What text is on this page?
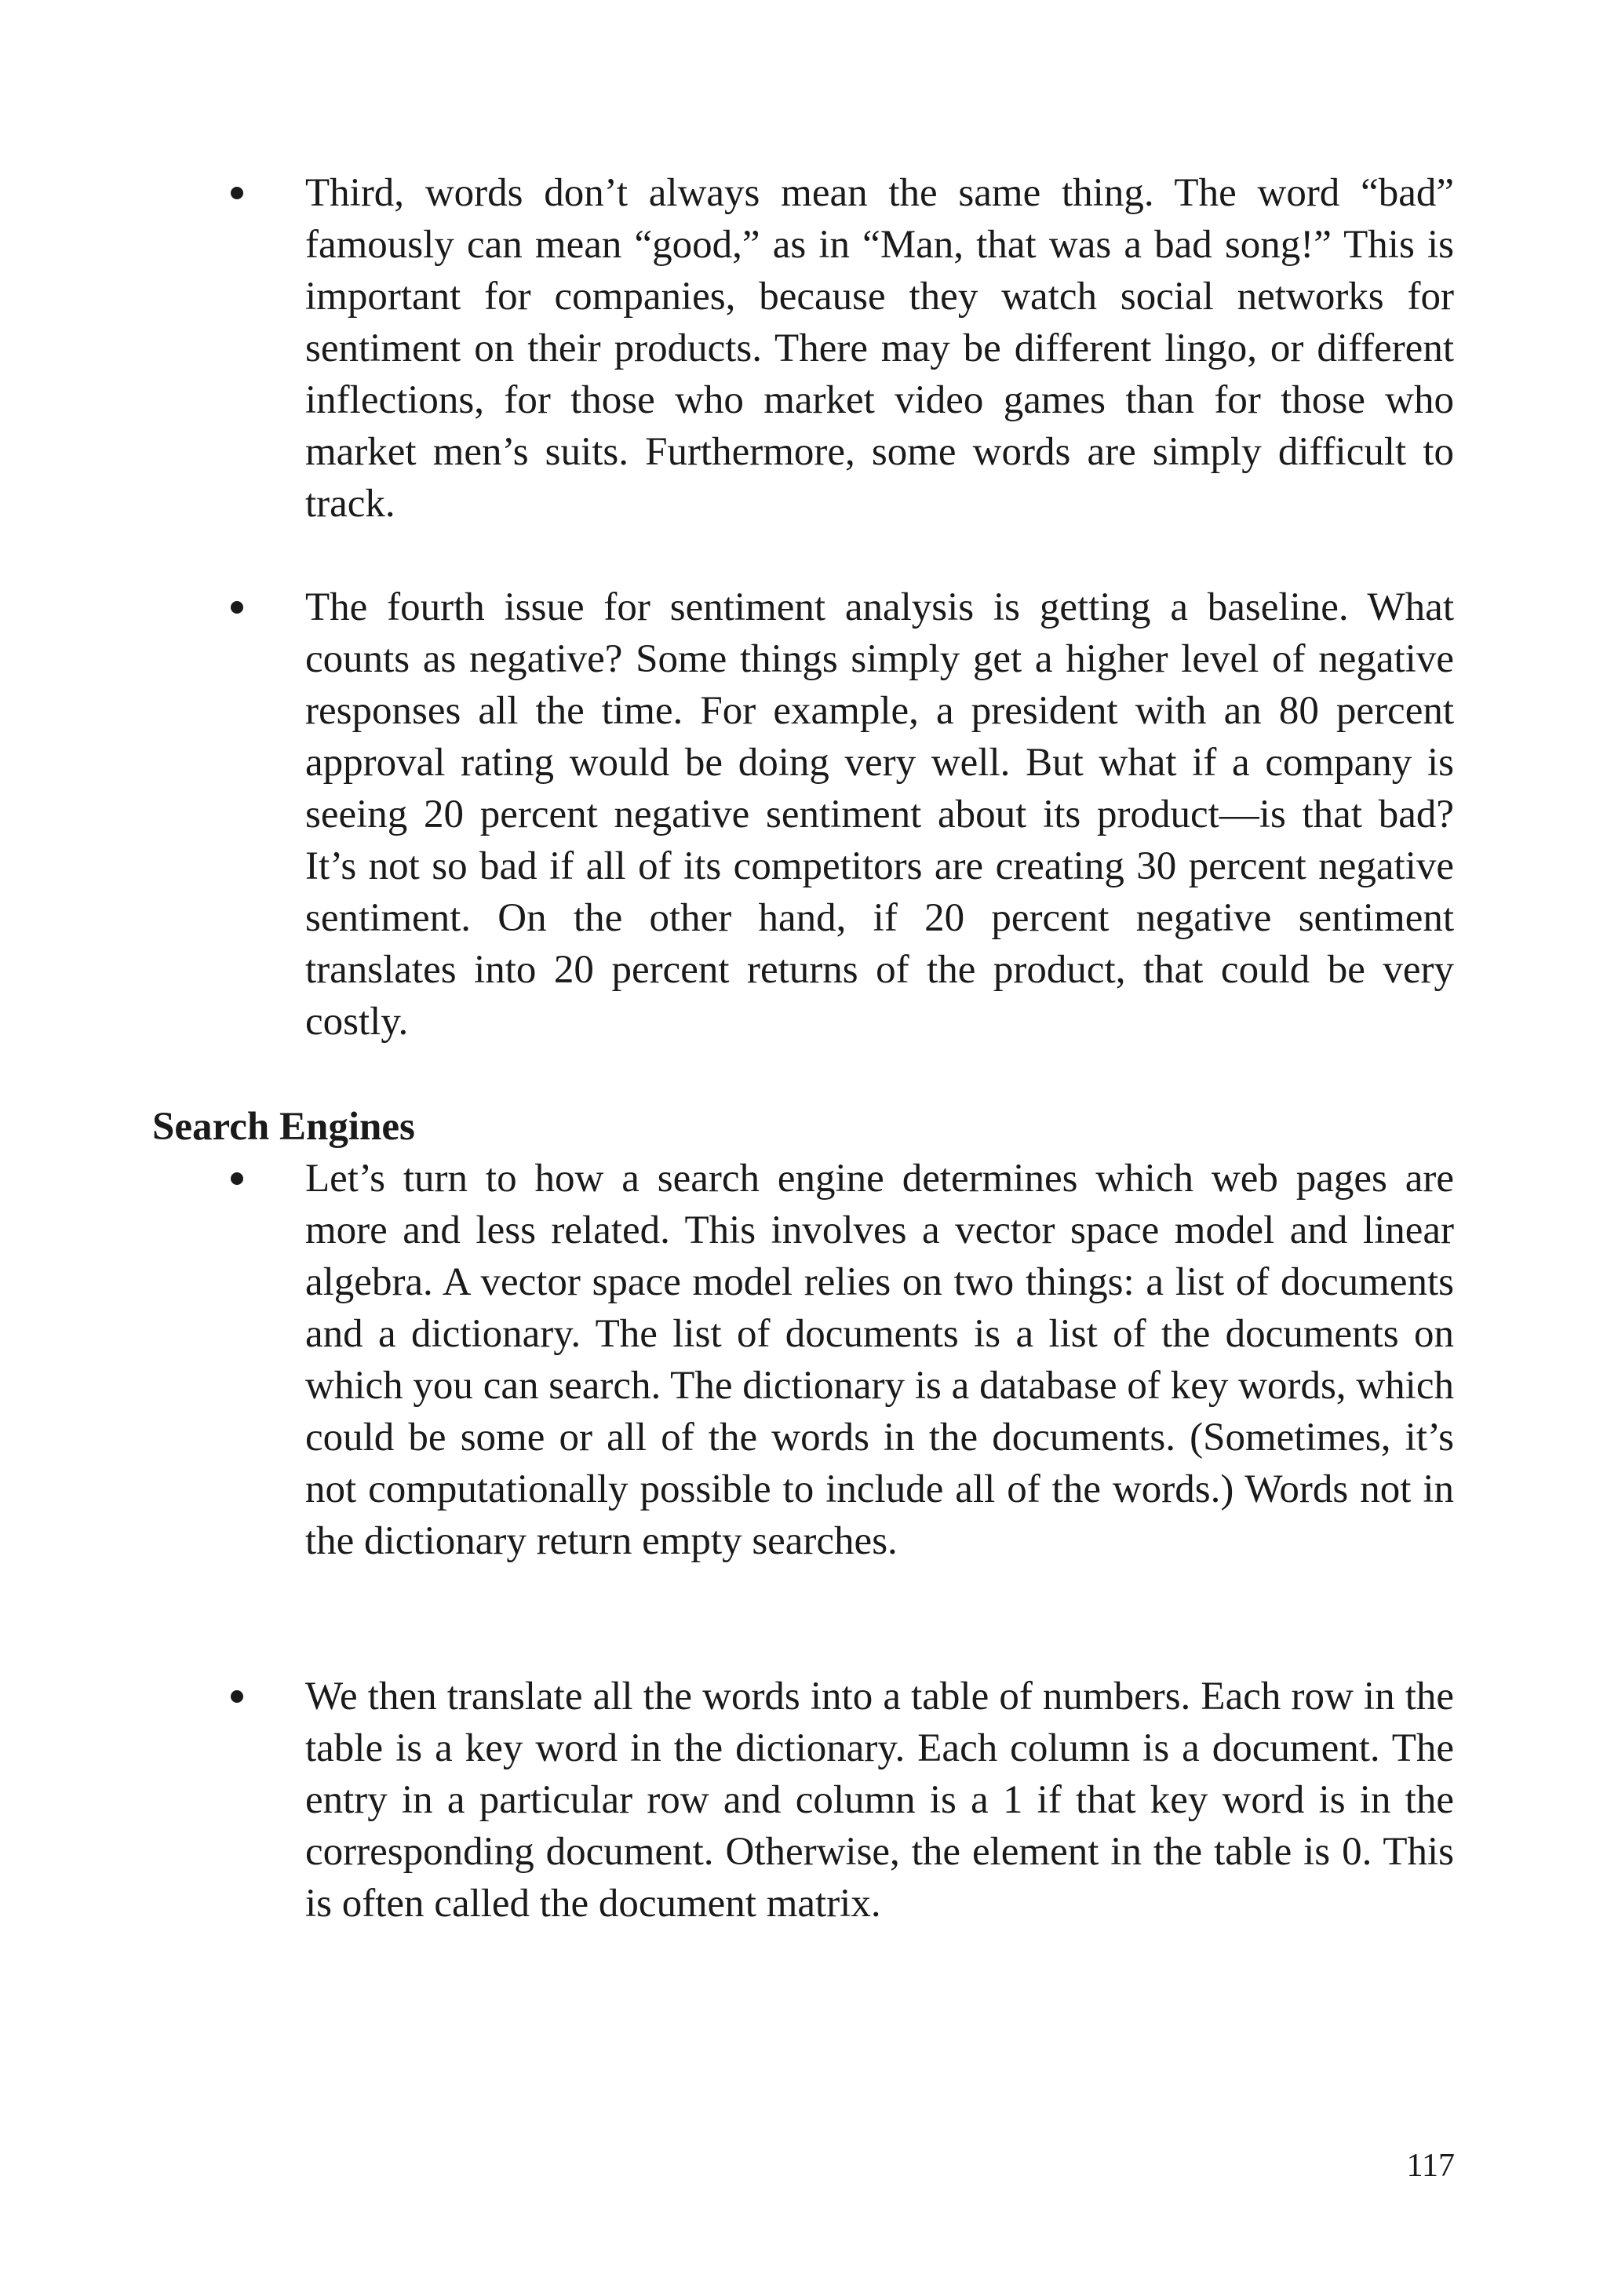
Third, words don’t always mean the same thing. The word “bad” famously can mean “good,” as in “Man, that was a bad song!” This is important for companies, because they watch social networks for sentiment on their products. There may be different lingo, or different inflections, for those who market video games than for those who market men’s suits. Furthermore, some words are simply difficult to track.

The fourth issue for sentiment analysis is getting a baseline. What counts as negative? Some things simply get a higher level of negative responses all the time. For example, a president with an 80 percent approval rating would be doing very well. But what if a company is seeing 20 percent negative sentiment about its product—is that bad? It’s not so bad if all of its competitors are creating 30 percent negative sentiment. On the other hand, if 20 percent negative sentiment translates into 20 percent returns of the product, that could be very costly.

Search Engines

Let’s turn to how a search engine determines which web pages are more and less related. This involves a vector space model and linear algebra. A vector space model relies on two things: a list of documents and a dictionary. The list of documents is a list of the documents on which you can search. The dictionary is a database of key words, which could be some or all of the words in the documents. (Sometimes, it’s not computationally possible to include all of the words.) Words not in the dictionary return empty searches.

We then translate all the words into a table of numbers. Each row in the table is a key word in the dictionary. Each column is a document. The entry in a particular row and column is a 1 if that key word is in the corresponding document. Otherwise, the element in the table is 0. This is often called the document matrix.

117
